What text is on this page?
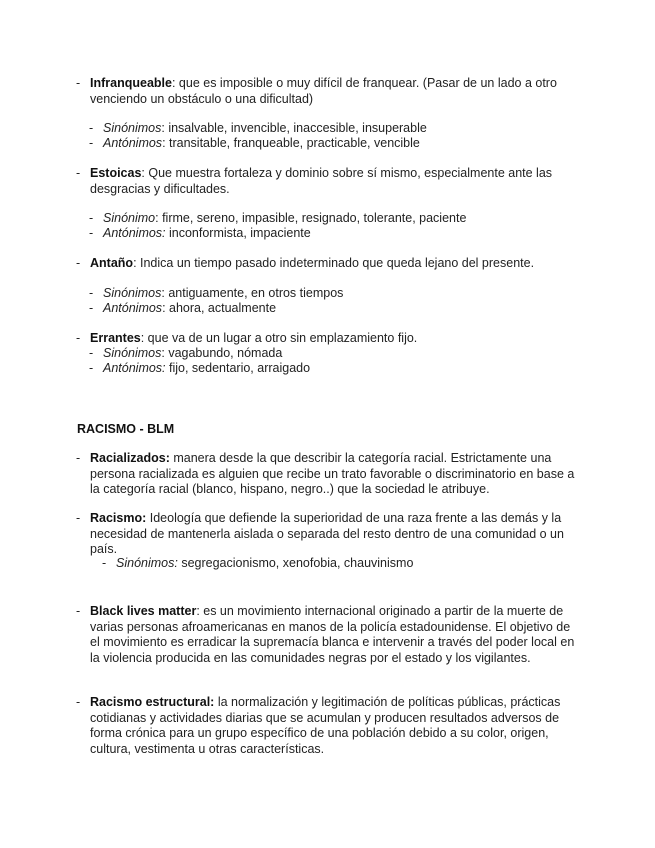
- Infranqueable: que es imposible o muy difícil de franquear. (Pasar de un lado a otro venciendo un obstáculo o una dificultad)
- Sinónimos: insalvable, invencible, inaccesible, insuperable
- Antónimos: transitable, franqueable, practicable, vencible
- Estoicas: Que muestra fortaleza y dominio sobre sí mismo, especialmente ante las desgracias y dificultades.
- Sinónimo: firme, sereno, impasible, resignado, tolerante, paciente
- Antónimos: inconformista, impaciente
- Antaño: Indica un tiempo pasado indeterminado que queda lejano del presente.
- Sinónimos: antiguamente, en otros tiempos
- Antónimos: ahora, actualmente
- Errantes: que va de un lugar a otro sin emplazamiento fijo.
- Sinónimos: vagabundo, nómada
- Antónimos: fijo, sedentario, arraigado
RACISMO - BLM
- Racializados: manera desde la que describir la categoría racial. Estrictamente una persona racializada es alguien que recibe un trato favorable o discriminatorio en base a la categoría racial (blanco, hispano, negro..) que la sociedad le atribuye.
- Racismo: Ideología que defiende la superioridad de una raza frente a las demás y la necesidad de mantenerla aislada o separada del resto dentro de una comunidad o un país.
- Sinónimos: segregacionismo, xenofobia, chauvinismo
- Black lives matter: es un movimiento internacional originado a partir de la muerte de varias personas afroamericanas en manos de la policía estadounidense. El objetivo de el movimiento es erradicar la supremacía blanca e intervenir a través del poder local en la violencia producida en las comunidades negras por el estado y los vigilantes.
- Racismo estructural: la normalización y legitimación de políticas públicas, prácticas cotidianas y actividades diarias que se acumulan y producen resultados adversos de forma crónica para un grupo específico de una población debido a su color, origen, cultura, vestimenta u otras características.
